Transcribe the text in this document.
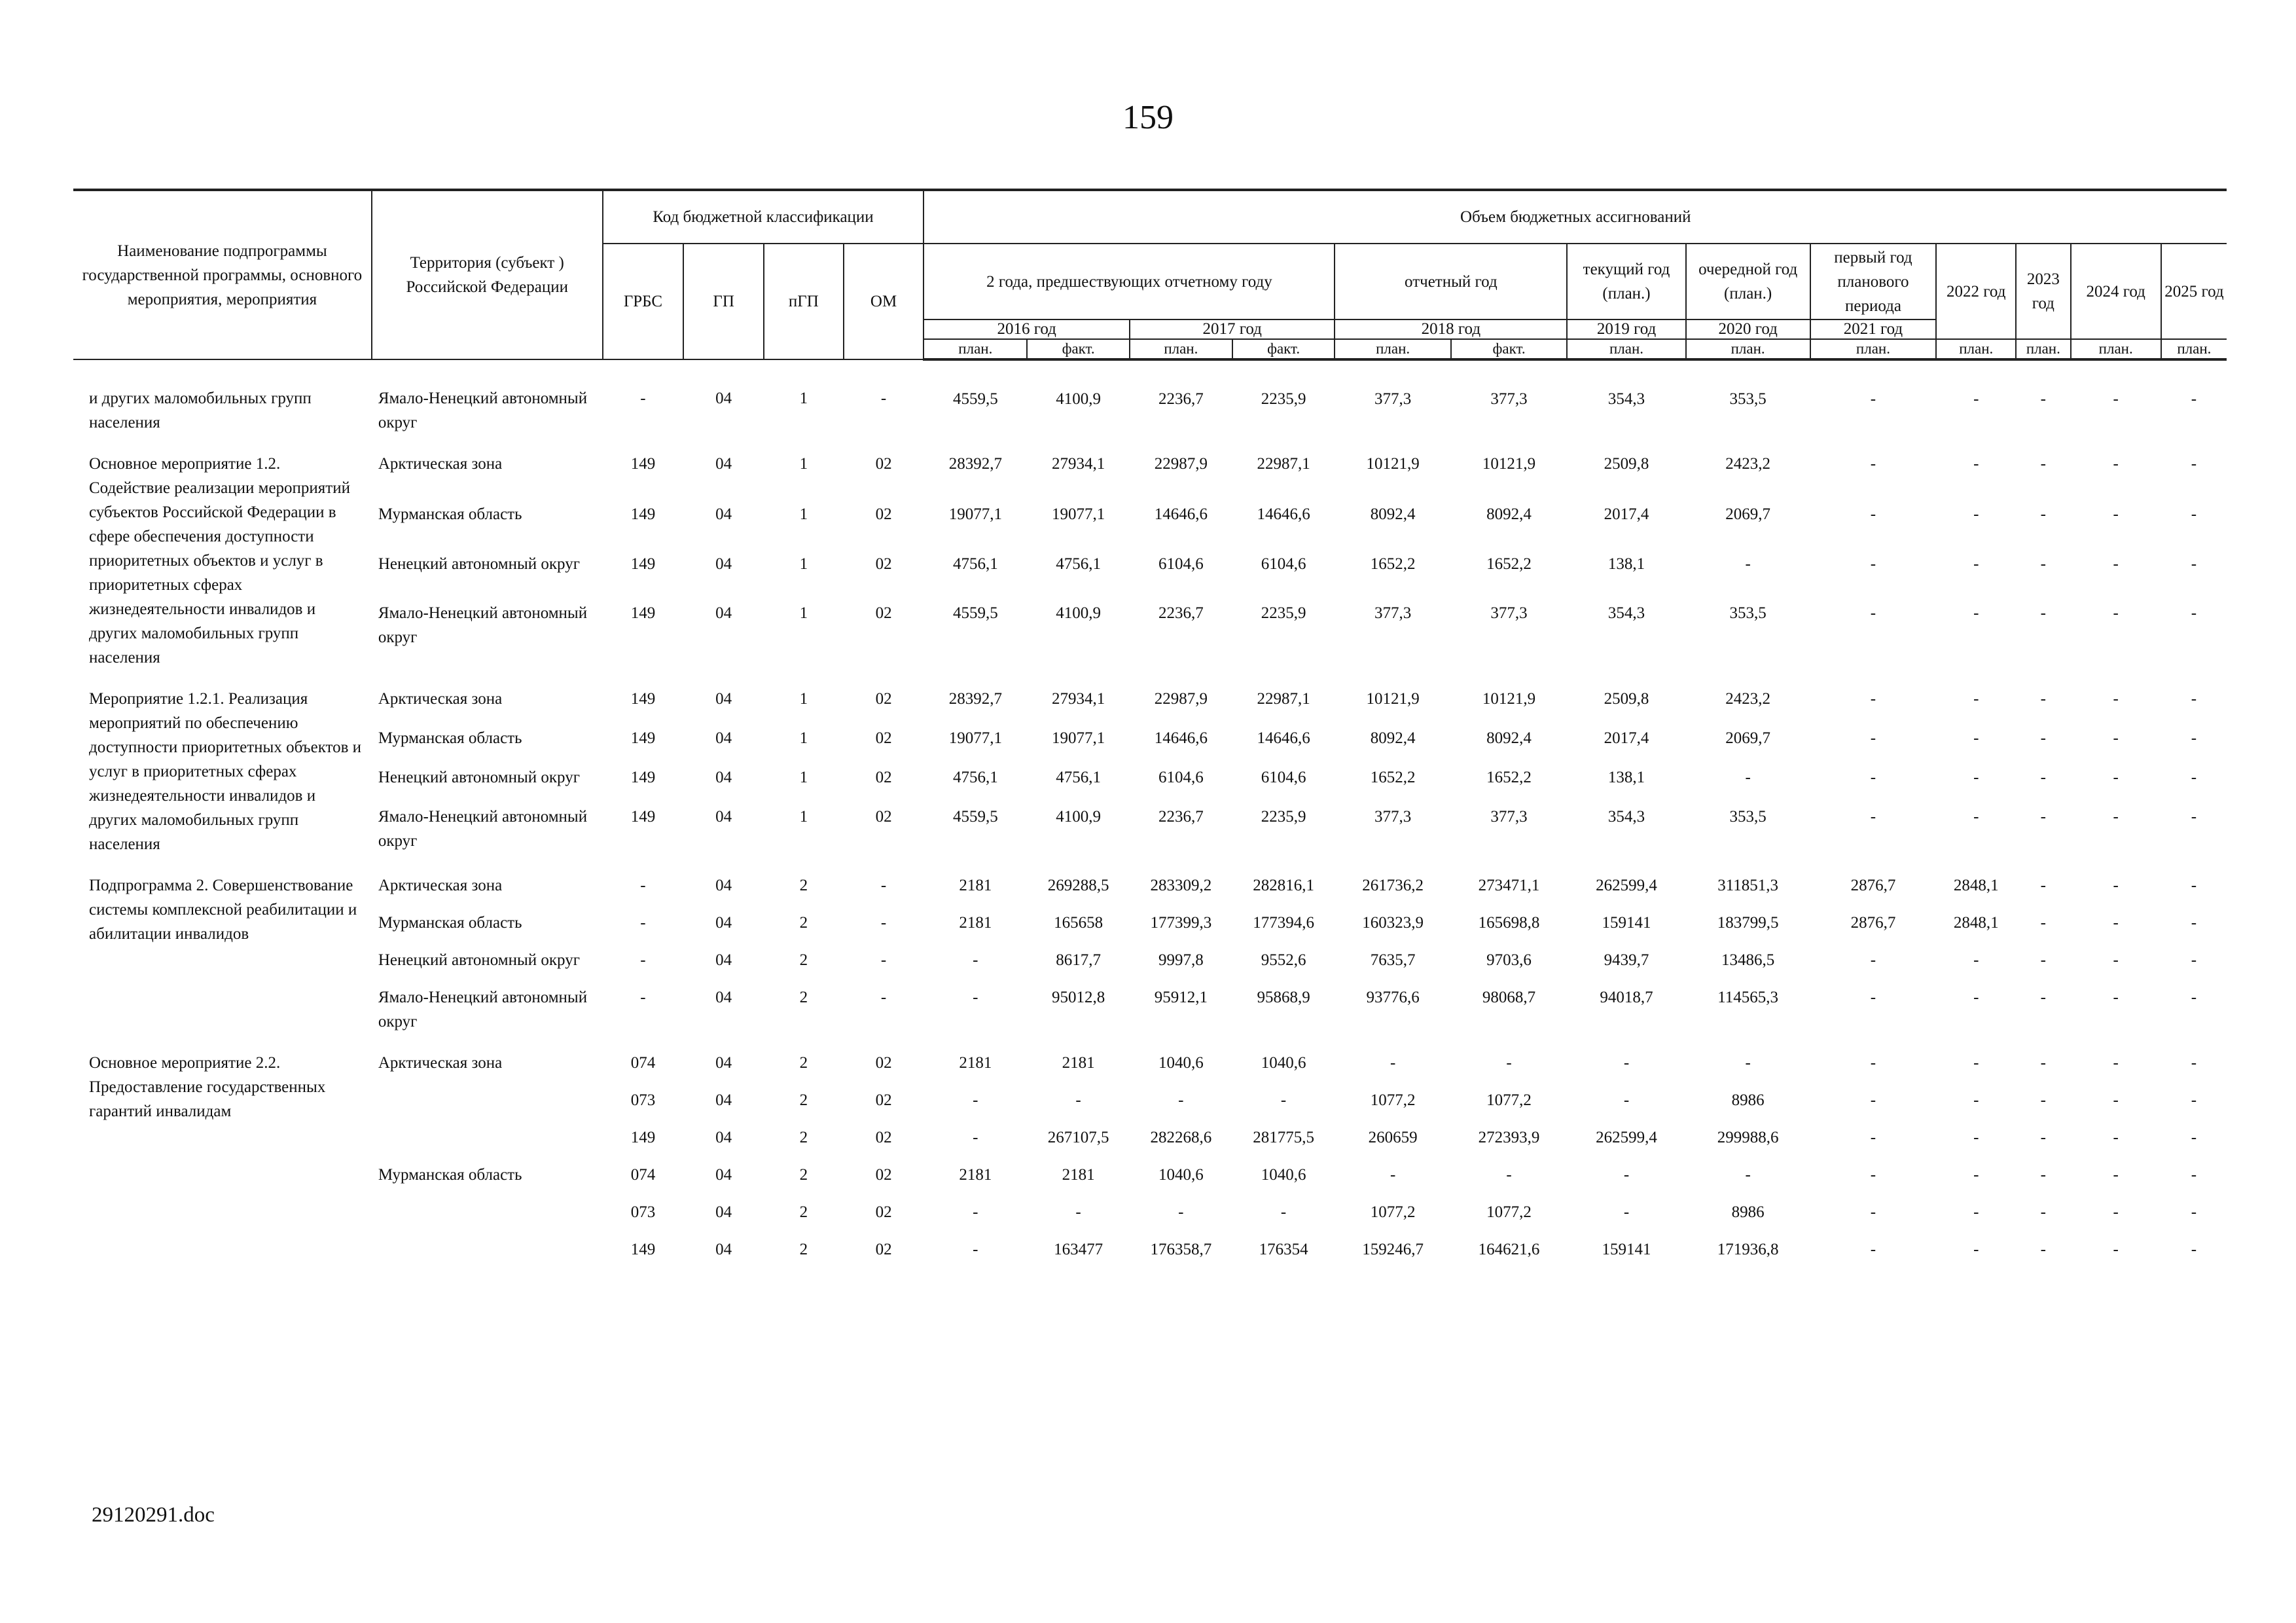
159
Наименование подпрограммы государственной программы, основного мероприятия, мероприятия	Территория (субъект ) Российской Федерации	Код бюджетной классификации				Объем бюджетных ассигнований												
		ГРБС	ГП	пГП	ОМ	2 года, предшествующих отчетному году				отчетный год		текущий год (план.)	очередной год (план.)	первый год планового периода	2022 год	2023 год	2024 год	2025 год
						2016 год		2017 год		2018 год		2019 год	2020 год	2021 год				
						план.	факт.	план.	факт.	план.	факт.	план.	план.	план.	план.	план.	план.	план.
и других маломобильных групп населения	Ямало-Ненецкий автономный округ	-	04	1	-	4559,5	4100,9	2236,7	2235,9	377,3	377,3	354,3	353,5	-	-	-	-	-
Основное мероприятие 1.2. Содействие реализации мероприятий субъектов Российской Федерации в сфере обеспечения доступности приоритетных объектов и услуг в приоритетных сферах жизнедеятельности инвалидов и других маломобильных групп населения	Арктическая зона	149	04	1	02	28392,7	27934,1	22987,9	22987,1	10121,9	10121,9	2509,8	2423,2	-	-	-	-	-
	Мурманская область	149	04	1	02	19077,1	19077,1	14646,6	14646,6	8092,4	8092,4	2017,4	2069,7	-	-	-	-	-
	Ненецкий автономный округ	149	04	1	02	4756,1	4756,1	6104,6	6104,6	1652,2	1652,2	138,1	-	-	-	-	-	-
	Ямало-Ненецкий автономный округ	149	04	1	02	4559,5	4100,9	2236,7	2235,9	377,3	377,3	354,3	353,5	-	-	-	-	-
Мероприятие 1.2.1. Реализация мероприятий по обеспечению доступности приоритетных объектов и услуг в приоритетных сферах жизнедеятельности инвалидов и других маломобильных групп населения	Арктическая зона	149	04	1	02	28392,7	27934,1	22987,9	22987,1	10121,9	10121,9	2509,8	2423,2	-	-	-	-	-
	Мурманская область	149	04	1	02	19077,1	19077,1	14646,6	14646,6	8092,4	8092,4	2017,4	2069,7	-	-	-	-	-
	Ненецкий автономный округ	149	04	1	02	4756,1	4756,1	6104,6	6104,6	1652,2	1652,2	138,1	-	-	-	-	-	-
	Ямало-Ненецкий автономный округ	149	04	1	02	4559,5	4100,9	2236,7	2235,9	377,3	377,3	354,3	353,5	-	-	-	-	-
Подпрограмма 2. Совершенствование системы комплексной реабилитации и абилитации инвалидов	Арктическая зона	-	04	2	-	2181	269288,5	283309,2	282816,1	261736,2	273471,1	262599,4	311851,3	2876,7	2848,1	-	-	-
	Мурманская область	-	04	2	-	2181	165658	177399,3	177394,6	160323,9	165698,8	159141	183799,5	2876,7	2848,1	-	-	-
	Ненецкий автономный округ	-	04	2	-	-	8617,7	9997,8	9552,6	7635,7	9703,6	9439,7	13486,5	-	-	-	-	-
	Ямало-Ненецкий автономный округ	-	04	2	-	-	95012,8	95912,1	95868,9	93776,6	98068,7	94018,7	114565,3	-	-	-	-	-
Основное мероприятие 2.2. Предоставление государственных гарантий инвалидам	Арктическая зона	074	04	2	02	2181	2181	1040,6	1040,6	-	-	-	-	-	-	-	-	-
		073	04	2	02	-	-	-	-	1077,2	1077,2	-	8986	-	-	-	-	-
		149	04	2	02	-	267107,5	282268,6	281775,5	260659	272393,9	262599,4	299988,6	-	-	-	-	-
	Мурманская область	074	04	2	02	2181	2181	1040,6	1040,6	-	-	-	-	-	-	-	-	-
		073	04	2	02	-	-	-	-	1077,2	1077,2	-	8986	-	-	-	-	-
		149	04	2	02	-	163477	176358,7	176354	159246,7	164621,6	159141	171936,8	-	-	-	-	-
29120291.doc
